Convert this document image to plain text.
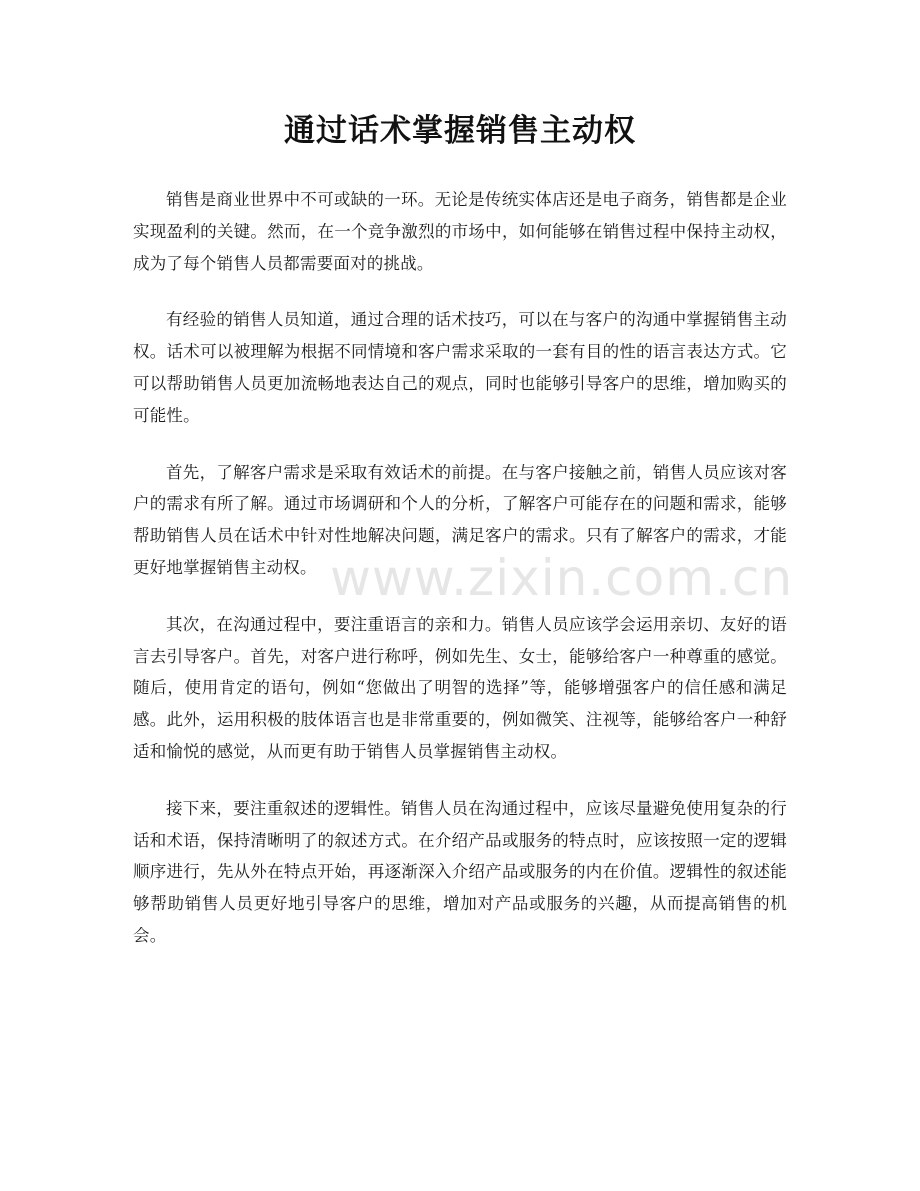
www.zixin.com.cn
通过话术掌握销售主动权

销售是商业世界中不可或缺的一环。无论是传统实体店还是电子商务，销售都是企业实现盈利的关键。然而，在一个竞争激烈的市场中，如何能够在销售过程中保持主动权，成为了每个销售人员都需要面对的挑战。

有经验的销售人员知道，通过合理的话术技巧，可以在与客户的沟通中掌握销售主动权。话术可以被理解为根据不同情境和客户需求采取的一套有目的性的语言表达方式。它可以帮助销售人员更加流畅地表达自己的观点，同时也能够引导客户的思维，增加购买的可能性。

首先，了解客户需求是采取有效话术的前提。在与客户接触之前，销售人员应该对客户的需求有所了解。通过市场调研和个人的分析，了解客户可能存在的问题和需求，能够帮助销售人员在话术中针对性地解决问题，满足客户的需求。只有了解客户的需求，才能更好地掌握销售主动权。

其次，在沟通过程中，要注重语言的亲和力。销售人员应该学会运用亲切、友好的语言去引导客户。首先，对客户进行称呼，例如先生、女士，能够给客户一种尊重的感觉。随后，使用肯定的语句，例如“您做出了明智的选择”等，能够增强客户的信任感和满足感。此外，运用积极的肢体语言也是非常重要的，例如微笑、注视等，能够给客户一种舒适和愉悦的感觉，从而更有助于销售人员掌握销售主动权。

接下来，要注重叙述的逻辑性。销售人员在沟通过程中，应该尽量避免使用复杂的行话和术语，保持清晰明了的叙述方式。在介绍产品或服务的特点时，应该按照一定的逻辑顺序进行，先从外在特点开始，再逐渐深入介绍产品或服务的内在价值。逻辑性的叙述能够帮助销售人员更好地引导客户的思维，增加对产品或服务的兴趣，从而提高销售的机会。
